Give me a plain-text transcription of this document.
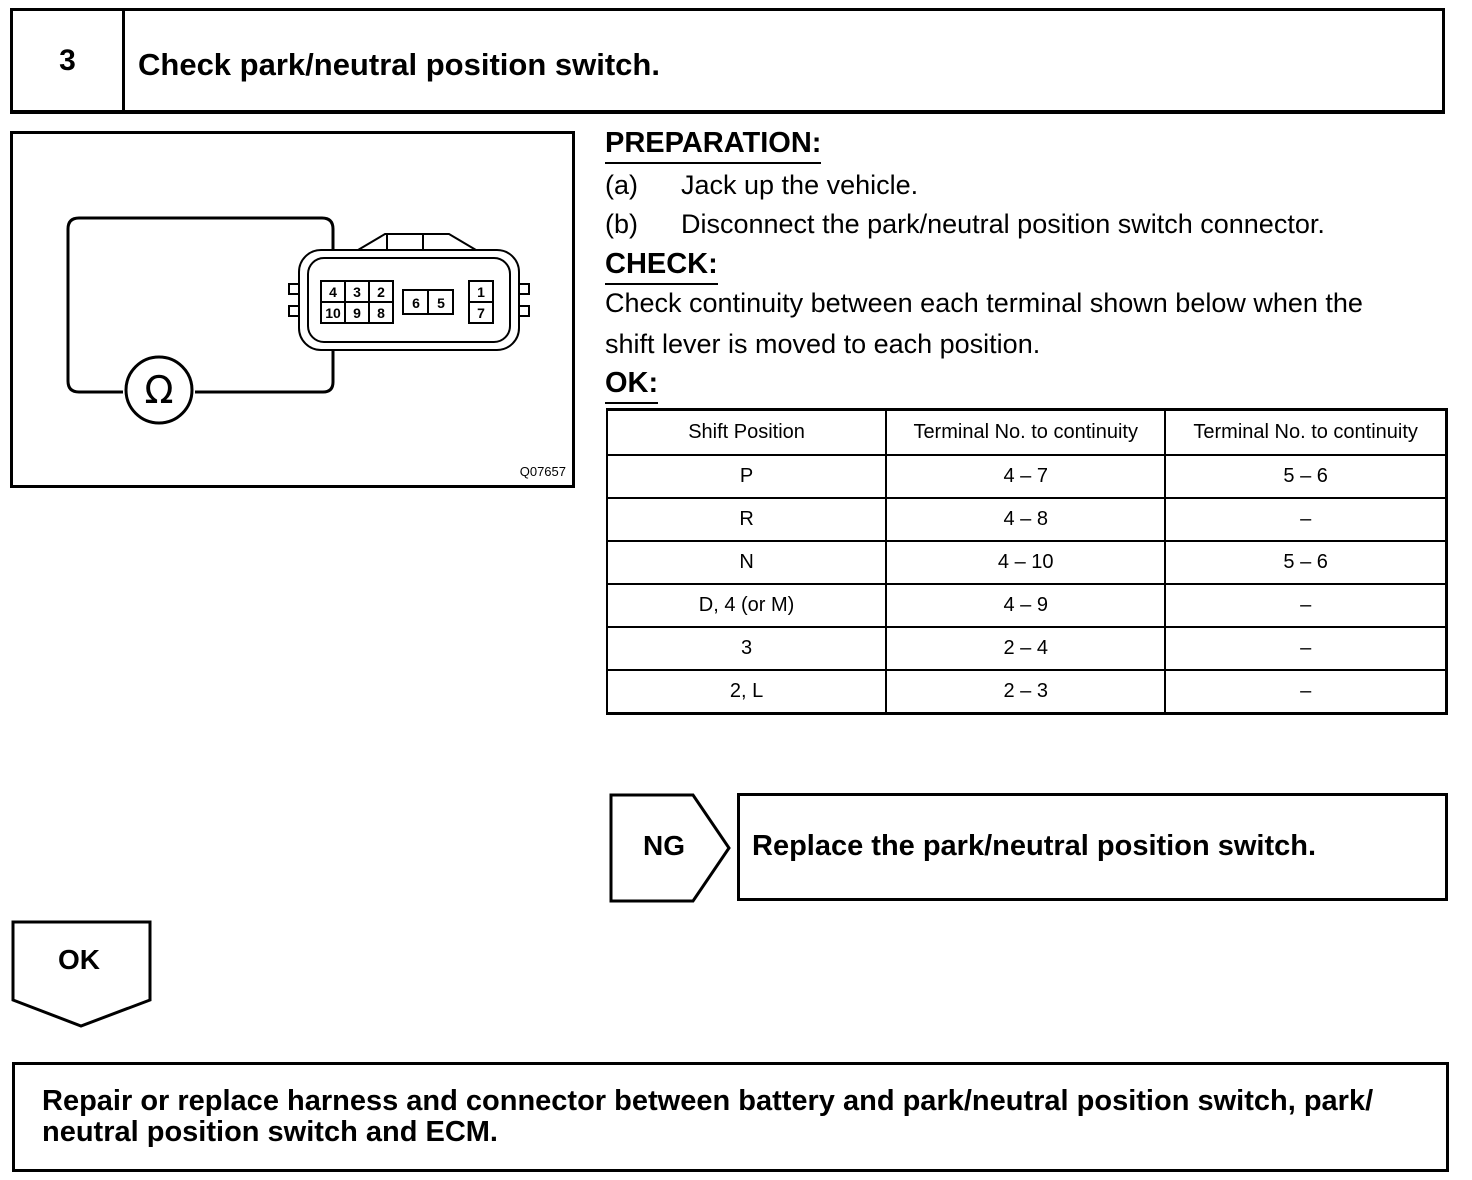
3	Check park/neutral position switch.
Ω
4 3 2
10 9 8
6 5
1
7
Q07657
PREPARATION:
(a) Jack up the vehicle.
(b) Disconnect the park/neutral position switch connector.
CHECK:
Check continuity between each terminal shown below when the
shift lever is moved to each position.
OK:
Shift Position	Terminal No. to continuity	Terminal No. to continuity
P	4 – 7	5 – 6
R	4 – 8	–
N	4 – 10	5 – 6
D, 4 (or M)	4 – 9	–
3	2 – 4	–
2, L	2 – 3	–
NG	Replace the park/neutral position switch.
OK
Repair or replace harness and connector between battery and park/neutral position switch, park/ neutral position switch and ECM.
